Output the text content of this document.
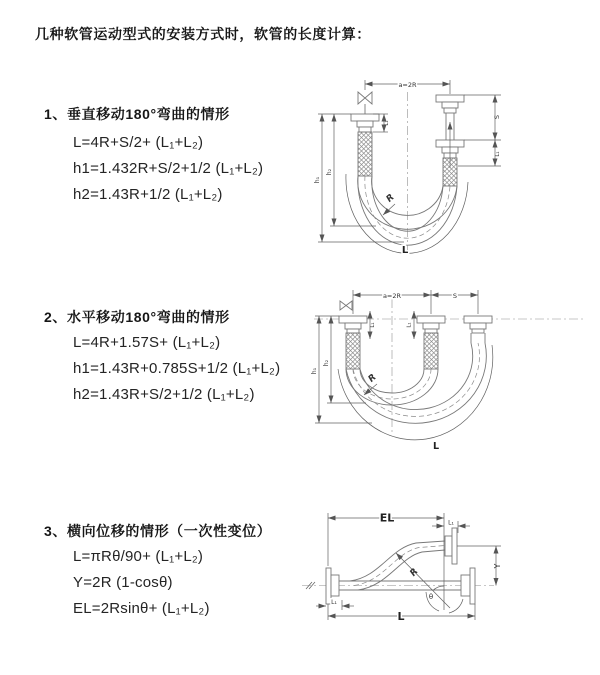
几种软管运动型式的安装方式时，软管的长度计算：
1、垂直移动180°弯曲的情形
L=4R+S/2+ (L₁+L₂)
h1=1.432R+S/2+1/2 (L₁+L₂)
h2=1.43R+1/2 (L₁+L₂)
2、水平移动180°弯曲的情形
L=4R+1.57S+ (L₁+L₂)
h1=1.43R+0.785S+1/2 (L₁+L₂)
h2=1.43R+S/2+1/2 (L₁+L₂)
3、横向位移的情形（一次性变位）
L=πRθ/90+ (L₁+L₂)
Y=2R (1-cosθ)
EL=2Rsinθ+ (L₁+L₂)
a=2R
h₁
h₂
L₁
S
L₁
R
L
a=2R	S
h₁
h₂
L₁	L₁
R
L
EL	L₁
Y
R
θ
L₁
L
